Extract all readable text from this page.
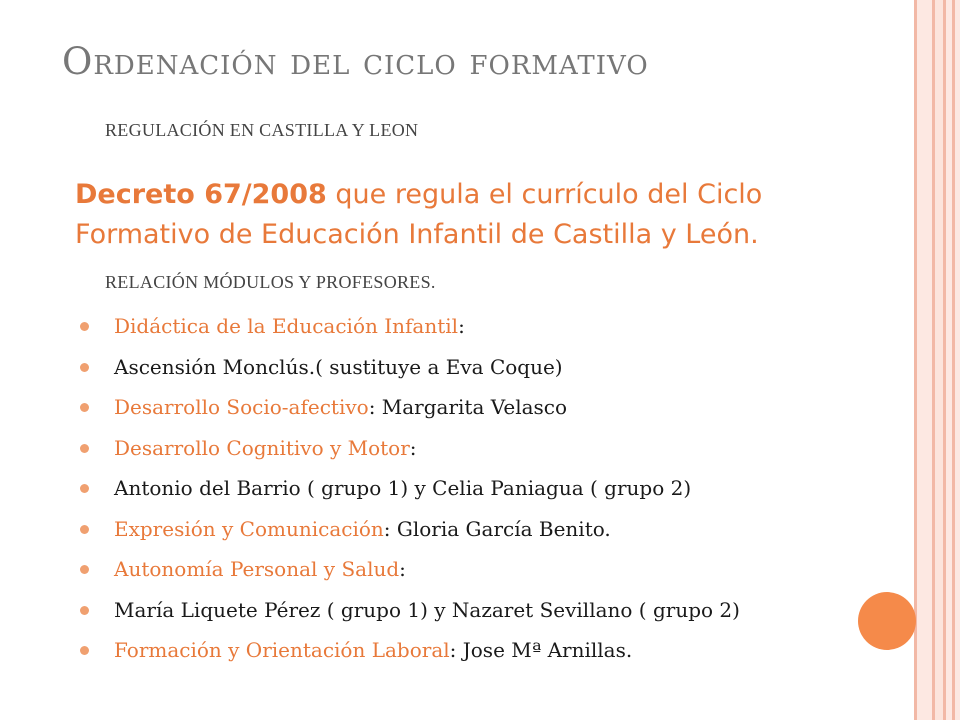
Ordenación del ciclo formativo
REGULACIÓN EN CASTILLA Y LEON
Decreto 67/2008 que regula el currículo del Ciclo Formativo de Educación Infantil de Castilla y León.
RELACIÓN MÓDULOS Y PROFESORES.
Didáctica de la Educación Infantil:
Ascensión Monclús.( sustituye a Eva Coque)
Desarrollo Socio-afectivo: Margarita Velasco
Desarrollo Cognitivo y Motor:
Antonio del Barrio ( grupo 1) y Celia Paniagua ( grupo 2)
Expresión y Comunicación: Gloria García Benito.
Autonomía Personal y Salud:
María Liquete Pérez ( grupo 1) y Nazaret Sevillano ( grupo 2)
Formación y Orientación Laboral: Jose Mª Arnillas.
